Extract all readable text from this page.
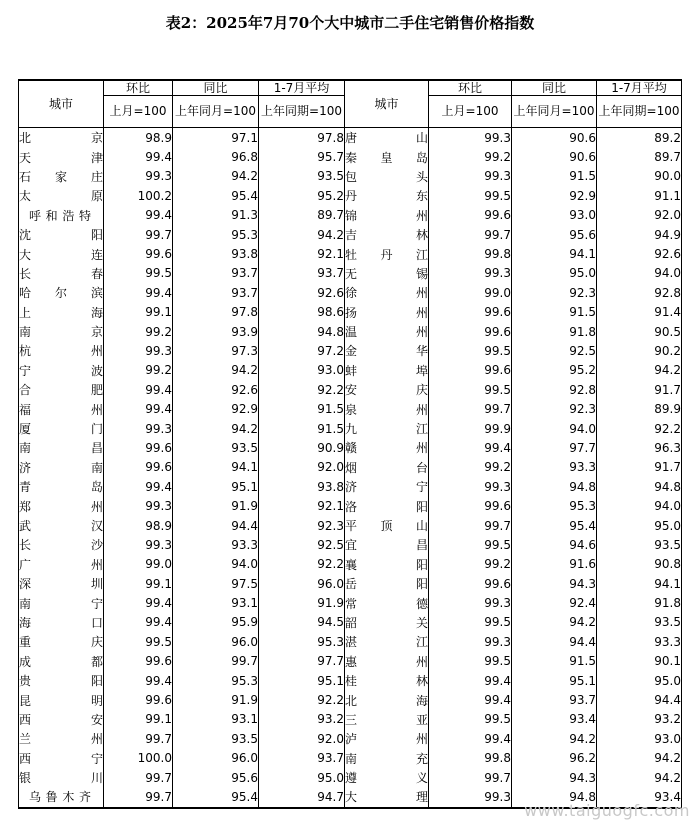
表2：2025年7月70个大中城市二手住宅销售价格指数
城市	环比	同比	1-7月平均	城市	环比	同比	1-7月平均
	上月=100	上年同月=100	上年同期=100		上月=100	上年同月=100	上年同期=100
北京	98.9	97.1	97.8	唐山	99.3	90.6	89.2
天津	99.4	96.8	95.7	秦皇岛	99.2	90.6	89.7
石家庄	99.3	94.2	93.5	包头	99.3	91.5	90.0
太原	100.2	95.4	95.2	丹东	99.5	92.9	91.1
呼和浩特	99.4	91.3	89.7	锦州	99.6	93.0	92.0
沈阳	99.7	95.3	94.2	吉林	99.7	95.6	94.9
大连	99.6	93.8	92.1	牡丹江	99.8	94.1	92.6
长春	99.5	93.7	93.7	无锡	99.3	95.0	94.0
哈尔滨	99.4	93.7	92.6	徐州	99.0	92.3	92.8
上海	99.1	97.8	98.6	扬州	99.6	91.5	91.4
南京	99.2	93.9	94.8	温州	99.6	91.8	90.5
杭州	99.3	97.3	97.2	金华	99.5	92.5	90.2
宁波	99.2	94.2	93.0	蚌埠	99.6	95.2	94.2
合肥	99.4	92.6	92.2	安庆	99.5	92.8	91.7
福州	99.4	92.9	91.5	泉州	99.7	92.3	89.9
厦门	99.3	94.2	91.5	九江	99.9	94.0	92.2
南昌	99.6	93.5	90.9	赣州	99.4	97.7	96.3
济南	99.6	94.1	92.0	烟台	99.2	93.3	91.7
青岛	99.4	95.1	93.8	济宁	99.3	94.8	94.8
郑州	99.3	91.9	92.1	洛阳	99.6	95.3	94.0
武汉	98.9	94.4	92.3	平顶山	99.7	95.4	95.0
长沙	99.3	93.3	92.5	宜昌	99.5	94.6	93.5
广州	99.0	94.0	92.2	襄阳	99.2	91.6	90.8
深圳	99.1	97.5	96.0	岳阳	99.6	94.3	94.1
南宁	99.4	93.1	91.9	常德	99.3	92.4	91.8
海口	99.4	95.9	94.5	韶关	99.5	94.2	93.5
重庆	99.5	96.0	95.3	湛江	99.3	94.4	93.3
成都	99.6	99.7	97.7	惠州	99.5	91.5	90.1
贵阳	99.4	95.3	95.1	桂林	99.4	95.1	95.0
昆明	99.6	91.9	92.2	北海	99.4	93.7	94.4
西安	99.1	93.1	93.2	三亚	99.5	93.4	93.2
兰州	99.7	93.5	92.0	泸州	99.4	94.2	93.0
西宁	100.0	96.0	93.7	南充	99.8	96.2	94.2
银川	99.7	95.6	95.0	遵义	99.7	94.3	94.2
乌鲁木齐	99.7	95.4	94.7	大理	99.3	94.8	93.4
www.taiguogfc.com
